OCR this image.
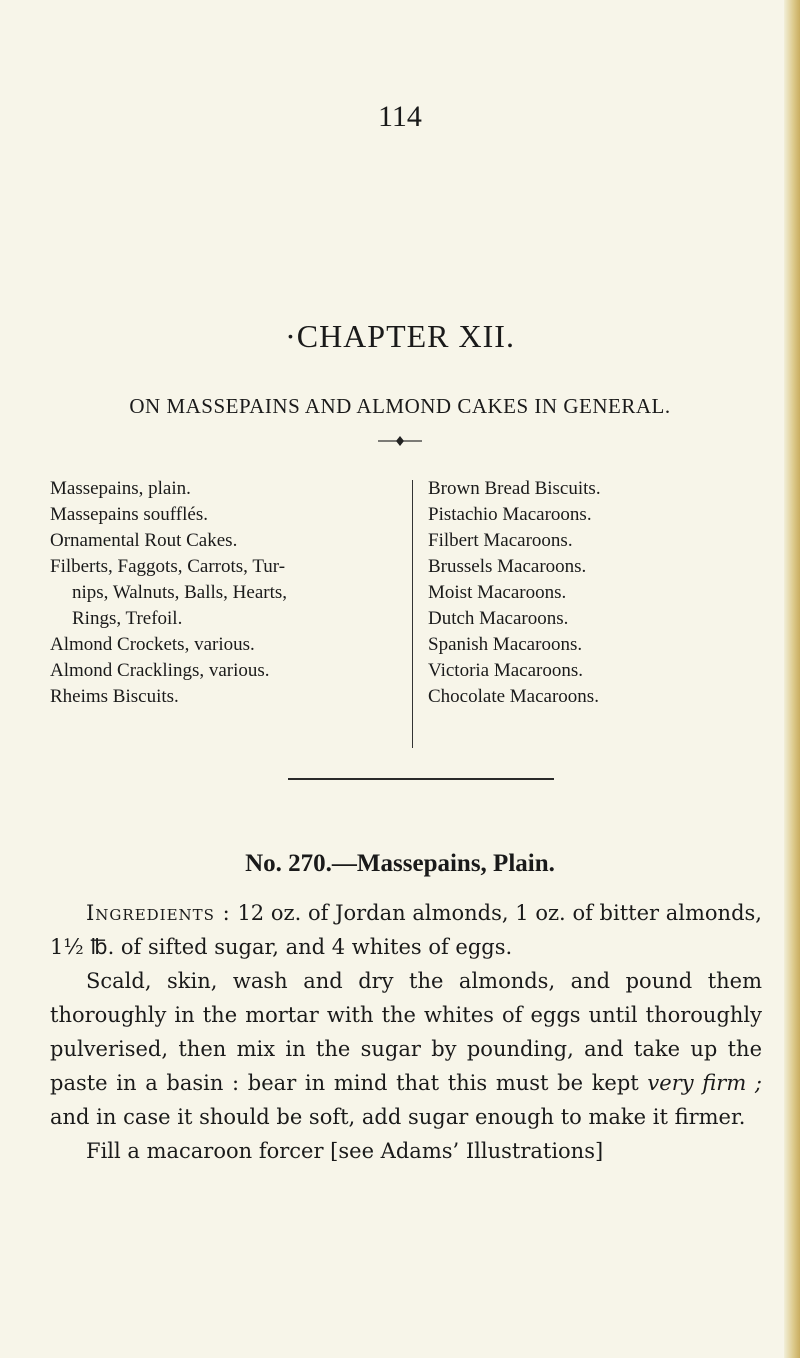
114
·CHAPTER XII.
ON MASSEPAINS AND ALMOND CAKES IN GENERAL.

Massepains, plain.

Massepains soufflés.

Ornamental Rout Cakes.

Filberts, Faggots, Carrots, Tur-
nips, Walnuts, Balls, Hearts,

Rings, Trefoil.

Almond Crockets, various.

Almond Cracklings, various.

Rheims Biscuits.

Brown Bread Biscuits.

Pistachio Macaroons.

Filbert Macaroons.

Brussels Macaroons.

Moist Macaroons.

Dutch Macaroons.

Spanish Macaroons.

Victoria Macaroons.

Chocolate Macaroons.

No. 270.—Massepains, Plain.

Ingredients : 12 oz. of Jordan almonds, 1 oz. of bitter almonds, 1½ ℔. of sifted sugar, and 4 whites of eggs.

Scald, skin, wash and dry the almonds, and pound them thoroughly in the mortar with the whites of eggs until thoroughly pulverised, then mix in the sugar by pounding, and take up the paste in a basin : bear in mind that this must be kept very firm ; and in case it should be soft, add sugar enough to make it firmer.

Fill a macaroon forcer [see Adams’ Illustrations]
